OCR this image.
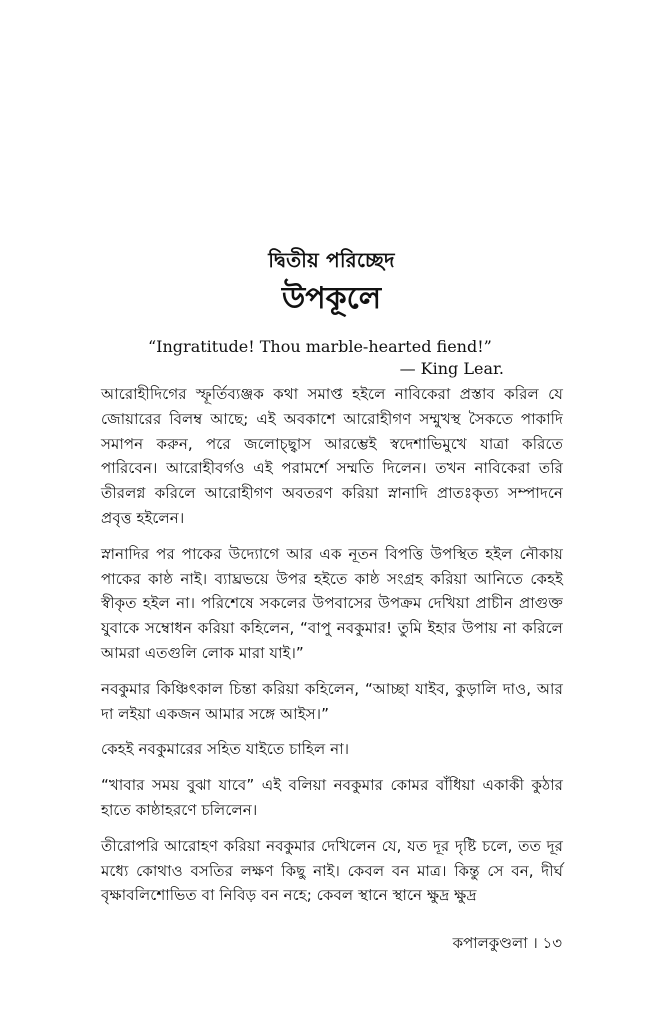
দ্বিতীয় পরিচ্ছেদ
উপকূলে
“Ingratitude! Thou marble-hearted fiend!”
— King Lear.

আরোহীদিগের স্ফূর্তিব্যঞ্জক কথা সমাপ্ত হইলে নাবিকেরা প্রস্তাব করিল যে জোয়ারের বিলম্ব আছে; এই অবকাশে আরোহীগণ সম্মুখস্থ সৈকতে পাকাদি সমাপন করুন, পরে জলোচ্ছ্বাস আরম্ভেই স্বদেশাভিমুখে যাত্রা করিতে পারিবেন। আরোহীবর্গও এই পরামর্শে সম্মতি দিলেন। তখন নাবিকেরা তরি তীরলগ্ন করিলে আরোহীগণ অবতরণ করিয়া স্নানাদি প্রাতঃকৃত্য সম্পাদনে প্রবৃত্ত হইলেন।

স্নানাদির পর পাকের উদ্যোগে আর এক নূতন বিপত্তি উপস্থিত হইল নৌকায় পাকের কাষ্ঠ নাই। ব্যাঘ্রভয়ে উপর হইতে কাষ্ঠ সংগ্রহ করিয়া আনিতে কেহই স্বীকৃত হইল না। পরিশেষে সকলের উপবাসের উপক্রম দেখিয়া প্রাচীন প্রাগুক্ত যুবাকে সম্বোধন করিয়া কহিলেন, “বাপু নবকুমার! তুমি ইহার উপায় না করিলে আমরা এতগুলি লোক মারা যাই।”

নবকুমার কিঞ্চিৎকাল চিন্তা করিয়া কহিলেন, “আচ্ছা যাইব, কুড়ালি দাও, আর দা লইয়া একজন আমার সঙ্গে আইস।”

কেহই নবকুমারের সহিত যাইতে চাহিল না।

“খাবার সময় বুঝা যাবে” এই বলিয়া নবকুমার কোমর বাঁধিয়া একাকী কুঠার হাতে কাষ্ঠাহরণে চলিলেন।

তীরোপরি আরোহণ করিয়া নবকুমার দেখিলেন যে, যত দূর দৃষ্টি চলে, তত দূর মধ্যে কোথাও বসতির লক্ষণ কিছু নাই। কেবল বন মাত্র। কিন্তু সে বন, দীর্ঘ বৃক্ষাবলিশোভিত বা নিবিড় বন নহে; কেবল স্থানে স্থানে ক্ষুদ্র ক্ষুদ্র

কপালকুণ্ডলা । ১৩
